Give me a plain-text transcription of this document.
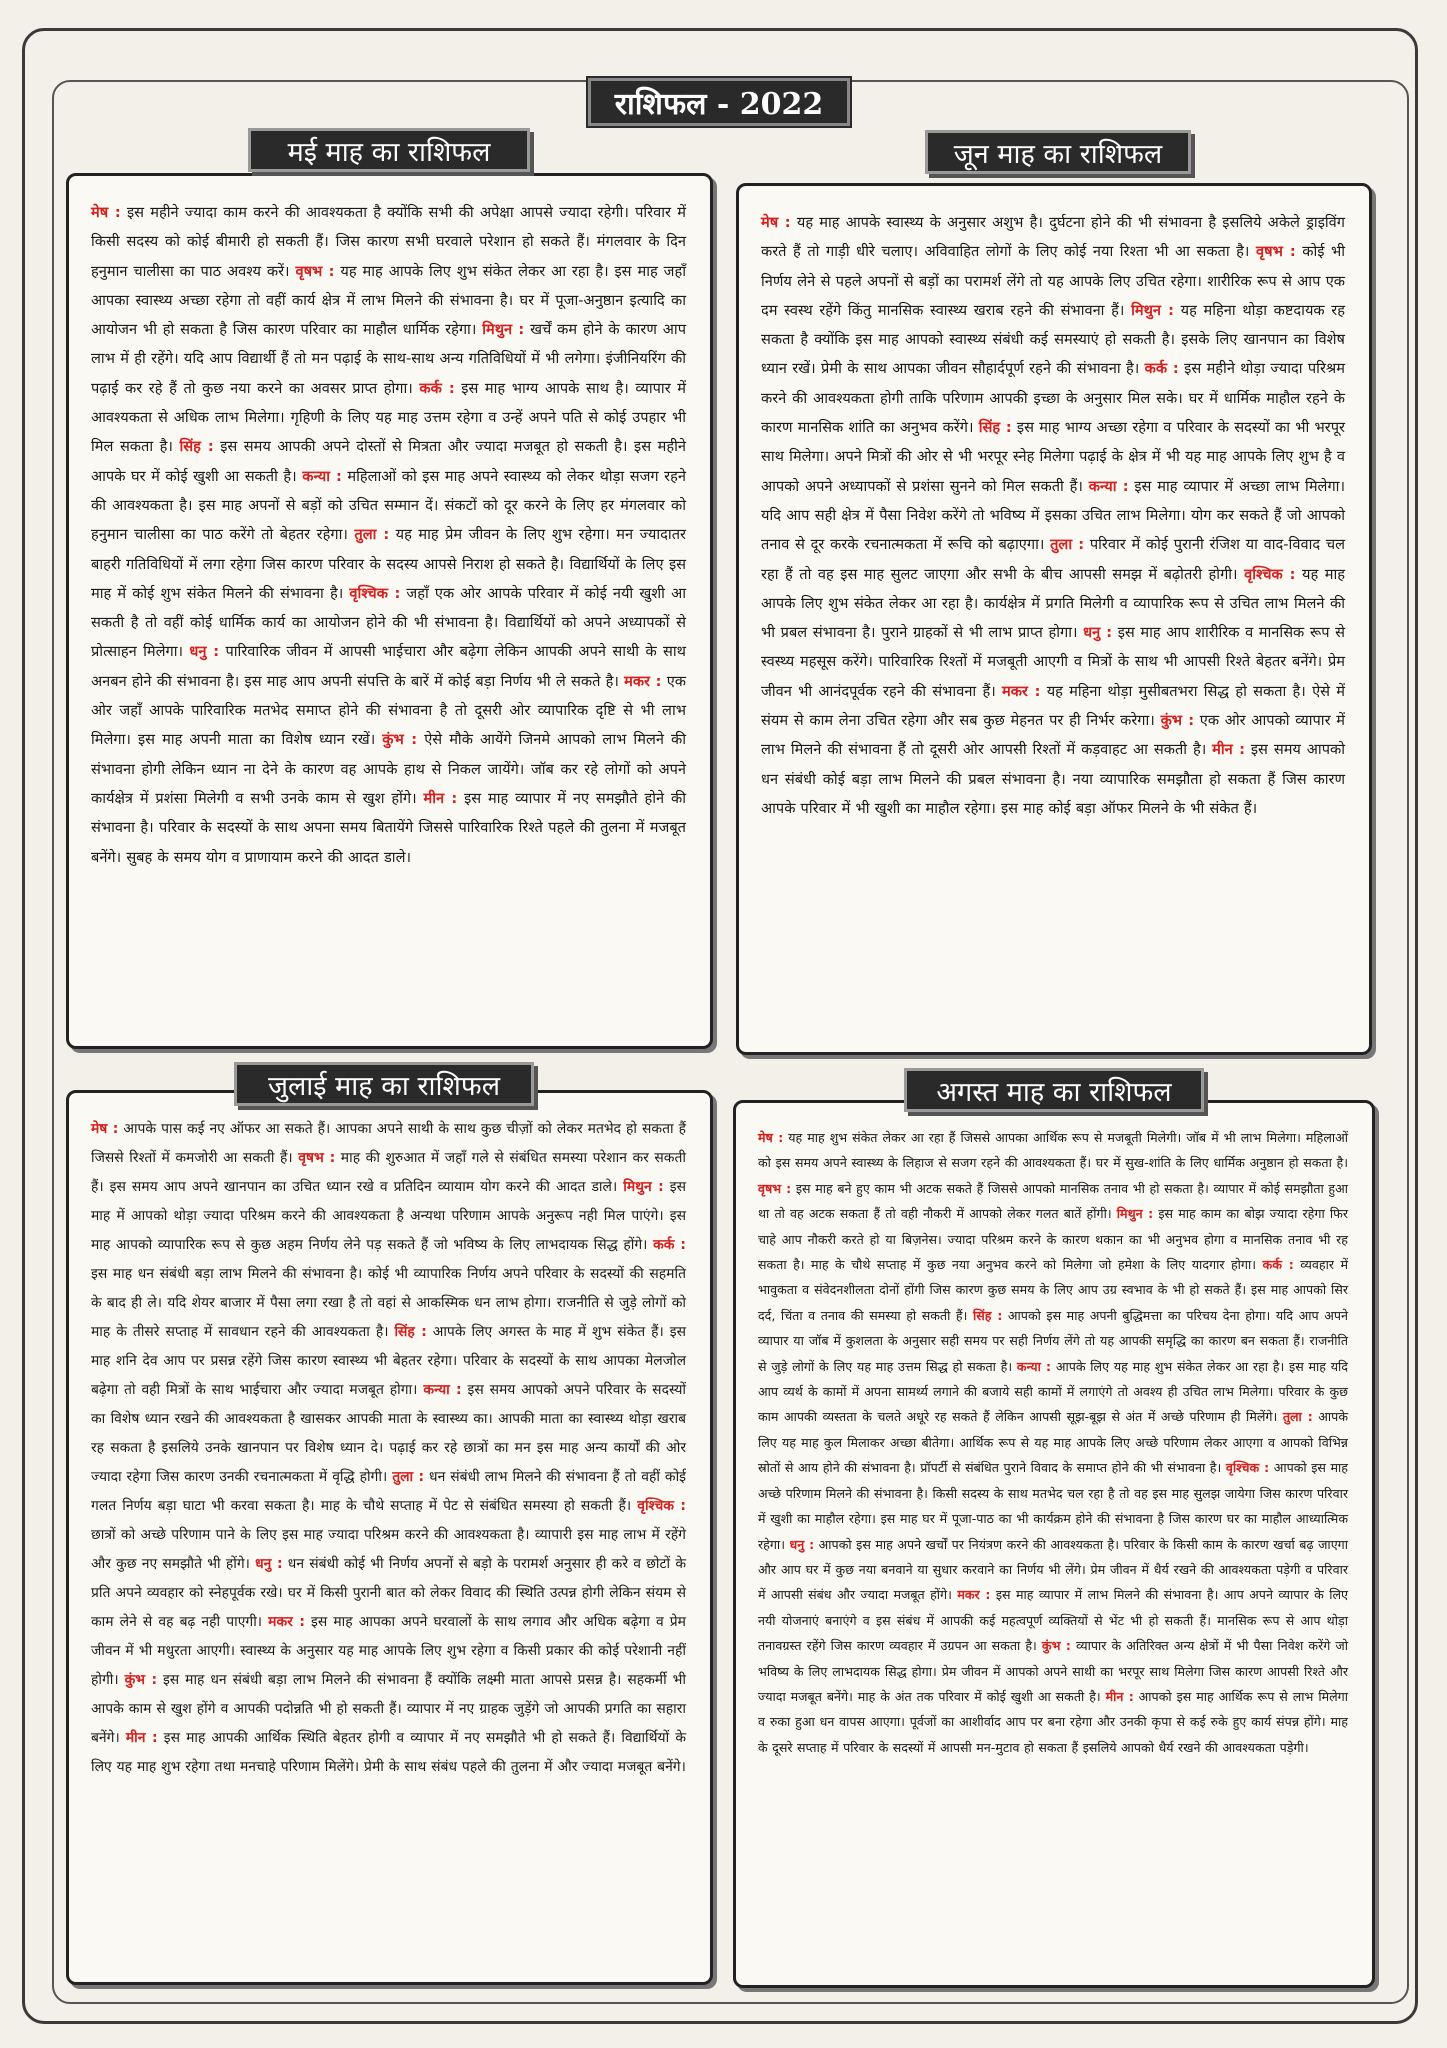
राशिफल - 2022

मेष : इस महीने ज्यादा काम करने की आवश्यकता है क्योंकि सभी की अपेक्षा आपसे ज्यादा रहेगी। परिवार में किसी सदस्य को कोई बीमारी हो सकती हैं। जिस कारण सभी घरवाले परेशान हो सकते हैं। मंगलवार के दिन हनुमान चालीसा का पाठ अवश्य करें। वृषभ : यह माह आपके लिए शुभ संकेत लेकर आ रहा है। इस माह जहाँ आपका स्वास्थ्य अच्छा रहेगा तो वहीं कार्य क्षेत्र में लाभ मिलने की संभावना है। घर में पूजा-अनुष्ठान इत्यादि का आयोजन भी हो सकता है जिस कारण परिवार का माहौल धार्मिक रहेगा। मिथुन : खर्चें कम होने के कारण आप लाभ में ही रहेंगे। यदि आप विद्यार्थी हैं तो मन पढ़ाई के साथ-साथ अन्य गतिविधियों में भी लगेगा। इंजीनियरिंग की पढ़ाई कर रहे हैं तो कुछ नया करने का अवसर प्राप्त होगा। कर्क : इस माह भाग्य आपके साथ है। व्यापार में आवश्यकता से अधिक लाभ मिलेगा। गृहिणी के लिए यह माह उत्तम रहेगा व उन्हें अपने पति से कोई उपहार भी मिल सकता है। सिंह : इस समय आपकी अपने दोस्तों से मित्रता और ज्यादा मजबूत हो सकती है। इस महीने आपके घर में कोई खुशी आ सकती है। कन्या : महिलाओं को इस माह अपने स्वास्थ्य को लेकर थोड़ा सजग रहने की आवश्यकता है। इस माह अपनों से बड़ों को उचित सम्मान दें। संकटों को दूर करने के लिए हर मंगलवार को हनुमान चालीसा का पाठ करेंगे तो बेहतर रहेगा। तुला : यह माह प्रेम जीवन के लिए शुभ रहेगा। मन ज्यादातर बाहरी गतिविधियों में लगा रहेगा जिस कारण परिवार के सदस्य आपसे निराश हो सकते है। विद्यार्थियों के लिए इस माह में कोई शुभ संकेत मिलने की संभावना है। वृश्चिक : जहाँ एक ओर आपके परिवार में कोई नयी खुशी आ सकती है तो वहीं कोई धार्मिक कार्य का आयोजन होने की भी संभावना है। विद्यार्थियों को अपने अध्यापकों से प्रोत्साहन मिलेगा। धनु : पारिवारिक जीवन में आपसी भाईचारा और बढ़ेगा लेकिन आपकी अपने साथी के साथ अनबन होने की संभावना है। इस माह आप अपनी संपत्ति के बारें में कोई बड़ा निर्णय भी ले सकते है। मकर : एक ओर जहाँ आपके पारिवारिक मतभेद समाप्त होने की संभावना है तो दूसरी ओर व्यापारिक दृष्टि से भी लाभ मिलेगा। इस माह अपनी माता का विशेष ध्यान रखें। कुंभ : ऐसे मौके आयेंगे जिनमे आपको लाभ मिलने की संभावना होगी लेकिन ध्यान ना देने के कारण वह आपके हाथ से निकल जायेंगे। जॉब कर रहे लोगों को अपने कार्यक्षेत्र में प्रशंसा मिलेगी व सभी उनके काम से खुश होंगे। मीन : इस माह व्यापार में नए समझौते होने की संभावना है। परिवार के सदस्यों के साथ अपना समय बितायेंगे जिससे पारिवारिक रिश्ते पहले की तुलना में मजबूत बनेंगे। सुबह के समय योग व प्राणायाम करने की आदत डाले।

मई माह का राशिफल

मेष : यह माह आपके स्वास्थ्य के अनुसार अशुभ है। दुर्घटना होने की भी संभावना है इसलिये अकेले ड्राइविंग करते हैं तो गाड़ी धीरे चलाए। अविवाहित लोगों के लिए कोई नया रिश्ता भी आ सकता है। वृषभ : कोई भी निर्णय लेने से पहले अपनों से बड़ों का परामर्श लेंगे तो यह आपके लिए उचित रहेगा। शारीरिक रूप से आप एक दम स्वस्थ रहेंगे किंतु मानसिक स्वास्थ्य खराब रहने की संभावना हैं। मिथुन : यह महिना थोड़ा कष्टदायक रह सकता है क्योंकि इस माह आपको स्वास्थ्य संबंधी कई समस्याएं हो सकती है। इसके लिए खानपान का विशेष ध्यान रखें। प्रेमी के साथ आपका जीवन सौहार्दपूर्ण रहने की संभावना है। कर्क : इस महीने थोड़ा ज्यादा परिश्रम करने की आवश्यकता होगी ताकि परिणाम आपकी इच्छा के अनुसार मिल सके। घर में धार्मिक माहौल रहने के कारण मानसिक शांति का अनुभव करेंगे। सिंह : इस माह भाग्य अच्छा रहेगा व परिवार के सदस्यों का भी भरपूर साथ मिलेगा। अपने मित्रों की ओर से भी भरपूर स्नेह मिलेगा पढ़ाई के क्षेत्र में भी यह माह आपके लिए शुभ है व आपको अपने अध्यापकों से प्रशंसा सुनने को मिल सकती हैं। कन्या : इस माह व्यापार में अच्छा लाभ मिलेगा। यदि आप सही क्षेत्र में पैसा निवेश करेंगे तो भविष्य में इसका उचित लाभ मिलेगा। योग कर सकते हैं जो आपको तनाव से दूर करके रचनात्मकता में रूचि को बढ़ाएगा। तुला : परिवार में कोई पुरानी रंजिश या वाद-विवाद चल रहा हैं तो वह इस माह सुलट जाएगा और सभी के बीच आपसी समझ में बढ़ोतरी होगी। वृश्चिक : यह माह आपके लिए शुभ संकेत लेकर आ रहा है। कार्यक्षेत्र में प्रगति मिलेगी व व्यापारिक रूप से उचित लाभ मिलने की भी प्रबल संभावना है। पुराने ग्राहकों से भी लाभ प्राप्त होगा। धनु : इस माह आप शारीरिक व मानसिक रूप से स्वस्थ्य महसूस करेंगे। पारिवारिक रिश्तों में मजबूती आएगी व मित्रों के साथ भी आपसी रिश्ते बेहतर बनेंगे। प्रेम जीवन भी आनंदपूर्वक रहने की संभावना हैं। मकर : यह महिना थोड़ा मुसीबतभरा सिद्ध हो सकता है। ऐसे में संयम से काम लेना उचित रहेगा और सब कुछ मेहनत पर ही निर्भर करेगा। कुंभ : एक ओर आपको व्यापार में लाभ मिलने की संभावना हैं तो दूसरी ओर आपसी रिश्तों में कड़वाहट आ सकती है। मीन : इस समय आपको धन संबंधी कोई बड़ा लाभ मिलने की प्रबल संभावना है। नया व्यापारिक समझौता हो सकता हैं जिस कारण आपके परिवार में भी खुशी का माहौल रहेगा। इस माह कोई बड़ा ऑफर मिलने के भी संकेत हैं।

जून माह का राशिफल

मेष : आपके पास कई नए ऑफर आ सकते हैं। आपका अपने साथी के साथ कुछ चीज़ों को लेकर मतभेद हो सकता हैं जिससे रिश्तों में कमजोरी आ सकती हैं। वृषभ : माह की शुरुआत में जहाँ गले से संबंधित समस्या परेशान कर सकती हैं। इस समय आप अपने खानपान का उचित ध्यान रखे व प्रतिदिन व्यायाम योग करने की आदत डाले। मिथुन : इस माह में आपको थोड़ा ज्यादा परिश्रम करने की आवश्यकता है अन्यथा परिणाम आपके अनुरूप नही मिल पाएंगे। इस माह आपको व्यापारिक रूप से कुछ अहम निर्णय लेने पड़ सकते हैं जो भविष्य के लिए लाभदायक सिद्ध होंगे। कर्क : इस माह धन संबंधी बड़ा लाभ मिलने की संभावना है। कोई भी व्यापारिक निर्णय अपने परिवार के सदस्यों की सहमति के बाद ही ले। यदि शेयर बाजार में पैसा लगा रखा है तो वहां से आकस्मिक धन लाभ होगा। राजनीति से जुड़े लोगों को माह के तीसरे सप्ताह में सावधान रहने की आवश्यकता है। सिंह : आपके लिए अगस्त के माह में शुभ संकेत हैं। इस माह शनि देव आप पर प्रसन्न रहेंगे जिस कारण स्वास्थ्य भी बेहतर रहेगा। परिवार के सदस्यों के साथ आपका मेलजोल बढ़ेगा तो वही मित्रों के साथ भाईचारा और ज्यादा मजबूत होगा। कन्या : इस समय आपको अपने परिवार के सदस्यों का विशेष ध्यान रखने की आवश्यकता है खासकर आपकी माता के स्वास्थ्य का। आपकी माता का स्वास्थ्य थोड़ा खराब रह सकता है इसलिये उनके खानपान पर विशेष ध्यान दे। पढ़ाई कर रहे छात्रों का मन इस माह अन्य कार्यों की ओर ज्यादा रहेगा जिस कारण उनकी रचनात्मकता में वृद्धि होगी। तुला : धन संबंधी लाभ मिलने की संभावना हैं तो वहीं कोई गलत निर्णय बड़ा घाटा भी करवा सकता है। माह के चौथे सप्ताह में पेट से संबंधित समस्या हो सकती हैं। वृश्चिक : छात्रों को अच्छे परिणाम पाने के लिए इस माह ज्यादा परिश्रम करने की आवश्यकता है। व्यापारी इस माह लाभ में रहेंगे और कुछ नए समझौते भी होंगे। धनु : धन संबंधी कोई भी निर्णय अपनों से बड़ो के परामर्श अनुसार ही करे व छोटों के प्रति अपने व्यवहार को स्नेहपूर्वक रखे। घर में किसी पुरानी बात को लेकर विवाद की स्थिति उत्पन्न होगी लेकिन संयम से काम लेने से वह बढ़ नही पाएगी। मकर : इस माह आपका अपने घरवालों के साथ लगाव और अधिक बढ़ेगा व प्रेम जीवन में भी मधुरता आएगी। स्वास्थ्य के अनुसार यह माह आपके लिए शुभ रहेगा व किसी प्रकार की कोई परेशानी नहीं होगी। कुंभ : इस माह धन संबंधी बड़ा लाभ मिलने की संभावना हैं क्योंकि लक्ष्मी माता आपसे प्रसन्न है। सहकर्मी भी आपके काम से खुश होंगे व आपकी पदोन्नति भी हो सकती हैं। व्यापार में नए ग्राहक जुड़ेंगे जो आपकी प्रगति का सहारा बनेंगे। मीन : इस माह आपकी आर्थिक स्थिति बेहतर होगी व व्यापार में नए समझौते भी हो सकते हैं। विद्यार्थियों के लिए यह माह शुभ रहेगा तथा मनचाहे परिणाम मिलेंगे। प्रेमी के साथ संबंध पहले की तुलना में और ज्यादा मजबूत बनेंगे।

जुलाई माह का राशिफल

मेष : यह माह शुभ संकेत लेकर आ रहा हैं जिससे आपका आर्थिक रूप से मजबूती मिलेगी। जॉब में भी लाभ मिलेगा। महिलाओं को इस समय अपने स्वास्थ्य के लिहाज से सजग रहने की आवश्यकता हैं। घर में सुख-शांति के लिए धार्मिक अनुष्ठान हो सकता है। वृषभ : इस माह बने हुए काम भी अटक सकते हैं जिससे आपको मानसिक तनाव भी हो सकता है। व्यापार में कोई समझौता हुआ था तो वह अटक सकता हैं तो वही नौकरी में आपको लेकर गलत बातें होंगी। मिथुन : इस माह काम का बोझ ज्यादा रहेगा फिर चाहे आप नौकरी करते हो या बिज़नेस। ज्यादा परिश्रम करने के कारण थकान का भी अनुभव होगा व मानसिक तनाव भी रह सकता है। माह के चौथे सप्ताह में कुछ नया अनुभव करने को मिलेगा जो हमेशा के लिए यादगार होगा। कर्क : व्यवहार में भावुकता व संवेदनशीलता दोनों होंगी जिस कारण कुछ समय के लिए आप उग्र स्वभाव के भी हो सकते हैं। इस माह आपको सिर दर्द, चिंता व तनाव की समस्या हो सकती हैं। सिंह : आपको इस माह अपनी बुद्धिमत्ता का परिचय देना होगा। यदि आप अपने व्यापार या जॉब में कुशलता के अनुसार सही समय पर सही निर्णय लेंगे तो यह आपकी समृद्धि का कारण बन सकता हैं। राजनीति से जुड़े लोगों के लिए यह माह उत्तम सिद्ध हो सकता है। कन्या : आपके लिए यह माह शुभ संकेत लेकर आ रहा है। इस माह यदि आप व्यर्थ के कामों में अपना सामर्थ्य लगाने की बजाये सही कामों में लगाएंगे तो अवश्य ही उचित लाभ मिलेगा। परिवार के कुछ काम आपकी व्यस्तता के चलते अधूरे रह सकते हैं लेकिन आपसी सूझ-बूझ से अंत में अच्छे परिणाम ही मिलेंगे। तुला : आपके लिए यह माह कुल मिलाकर अच्छा बीतेगा। आर्थिक रूप से यह माह आपके लिए अच्छे परिणाम लेकर आएगा व आपको विभिन्न स्रोतों से आय होने की संभावना है। प्रॉपर्टी से संबंधित पुराने विवाद के समाप्त होने की भी संभावना है। वृश्चिक : आपको इस माह अच्छे परिणाम मिलने की संभावना है। किसी सदस्य के साथ मतभेद चल रहा है तो वह इस माह सुलझ जायेगा जिस कारण परिवार में खुशी का माहौल रहेगा। इस माह घर में पूजा-पाठ का भी कार्यक्रम होने की संभावना है जिस कारण घर का माहौल आध्यात्मिक रहेगा। धनु : आपको इस माह अपने खर्चों पर नियंत्रण करने की आवश्यकता है। परिवार के किसी काम के कारण खर्चा बढ़ जाएगा और आप घर में कुछ नया बनवाने या सुधार करवाने का निर्णय भी लेंगे। प्रेम जीवन में धैर्य रखने की आवश्यकता पड़ेगी व परिवार में आपसी संबंध और ज्यादा मजबूत होंगे। मकर : इस माह व्यापार में लाभ मिलने की संभावना है। आप अपने व्यापार के लिए नयी योजनाएं बनाएंगे व इस संबंध में आपकी कई महत्वपूर्ण व्यक्तियों से भेंट भी हो सकती हैं। मानसिक रूप से आप थोड़ा तनावग्रस्त रहेंगे जिस कारण व्यवहार में उग्रपन आ सकता है। कुंभ : व्यापार के अतिरिक्त अन्य क्षेत्रों में भी पैसा निवेश करेंगे जो भविष्य के लिए लाभदायक सिद्ध होगा। प्रेम जीवन में आपको अपने साथी का भरपूर साथ मिलेगा जिस कारण आपसी रिश्ते और ज्यादा मजबूत बनेंगे। माह के अंत तक परिवार में कोई खुशी आ सकती है। मीन : आपको इस माह आर्थिक रूप से लाभ मिलेगा व रुका हुआ धन वापस आएगा। पूर्वजों का आशीर्वाद आप पर बना रहेगा और उनकी कृपा से कई रुके हुए कार्य संपन्न होंगे। माह के दूसरे सप्ताह में परिवार के सदस्यों में आपसी मन-मुटाव हो सकता हैं इसलिये आपको धैर्य रखने की आवश्यकता पड़ेगी।

अगस्त माह का राशिफल
